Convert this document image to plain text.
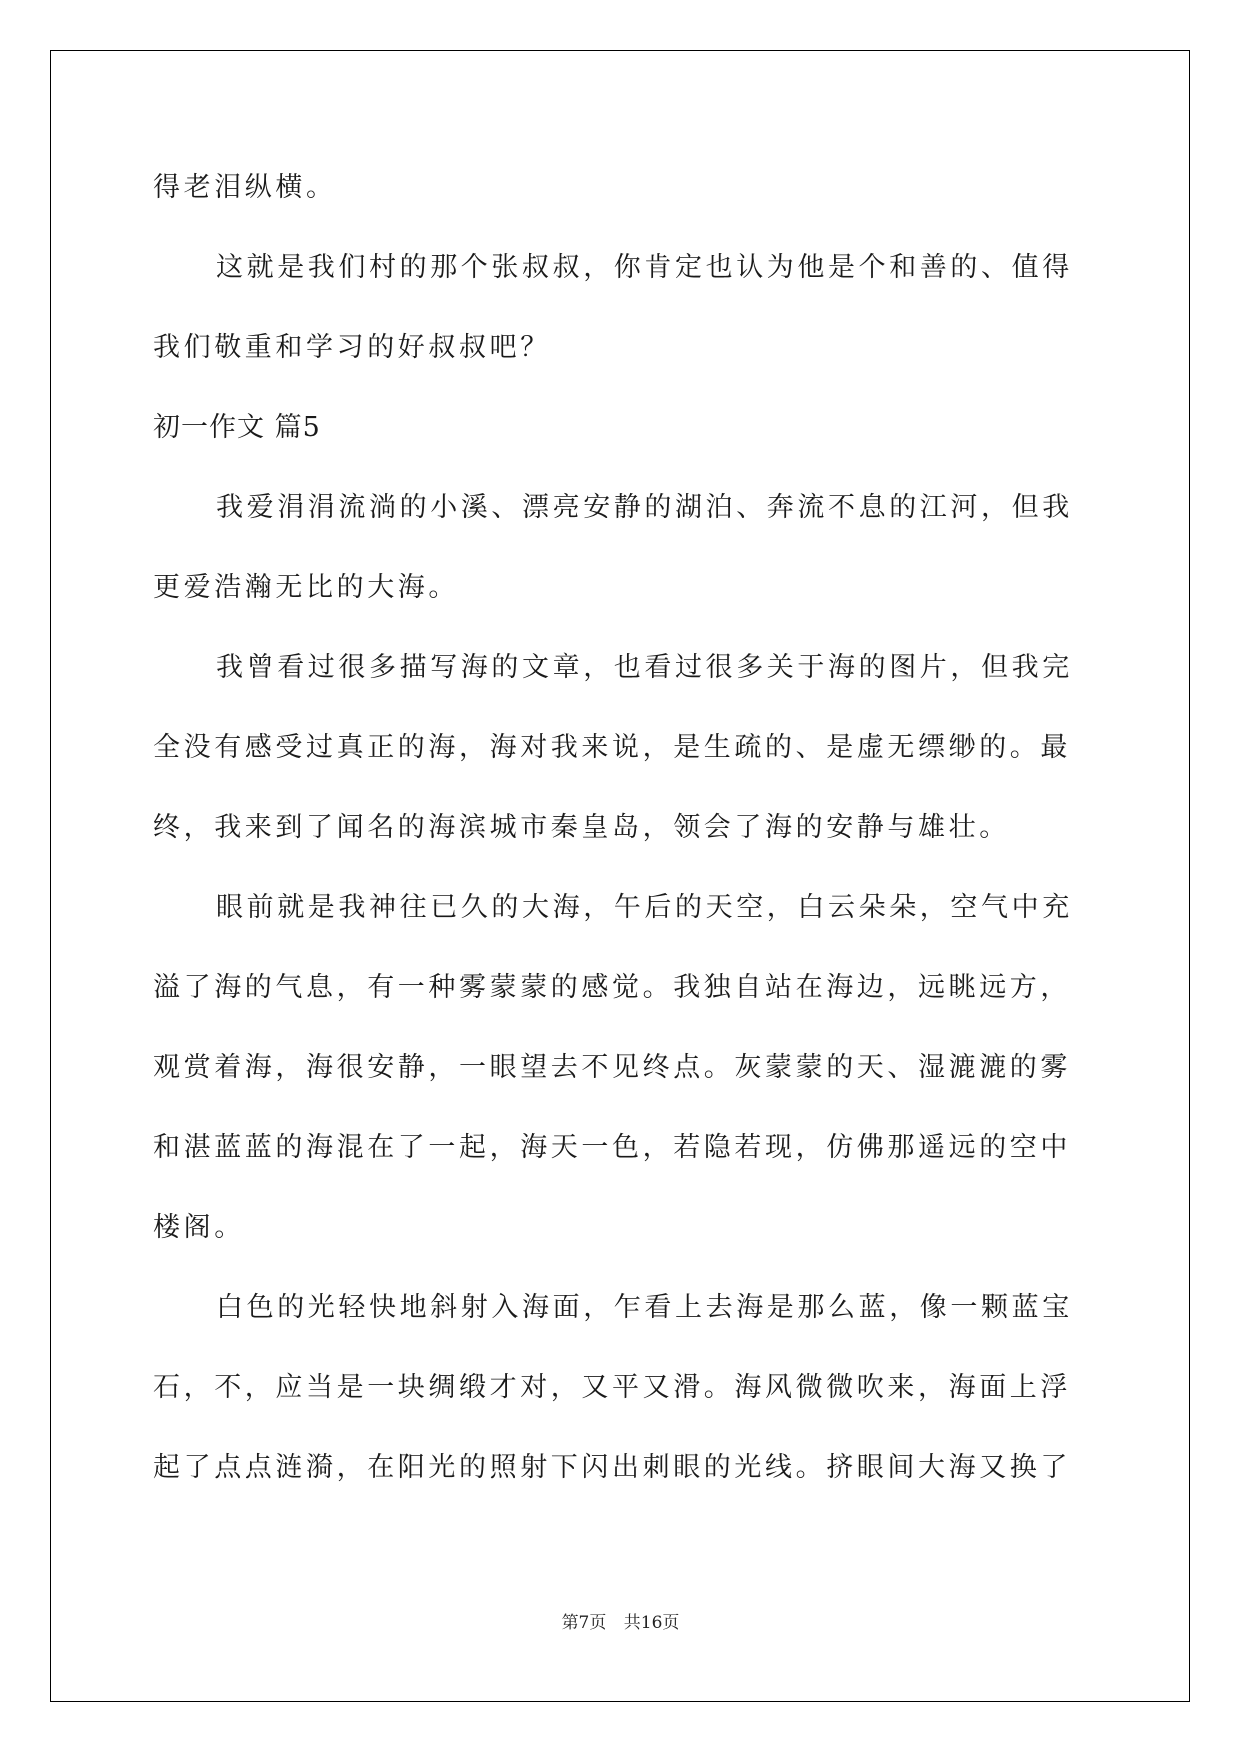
得老泪纵横。
这就是我们村的那个张叔叔，你肯定也认为他是个和善的、值得
我们敬重和学习的好叔叔吧？
初一作文 篇5
我爱涓涓流淌的小溪、漂亮安静的湖泊、奔流不息的江河，但我
更爱浩瀚无比的大海。
我曾看过很多描写海的文章，也看过很多关于海的图片，但我完
全没有感受过真正的海，海对我来说，是生疏的、是虚无缥缈的。最
终，我来到了闻名的海滨城市秦皇岛，领会了海的安静与雄壮。
眼前就是我神往已久的大海，午后的天空，白云朵朵，空气中充
溢了海的气息，有一种雾蒙蒙的感觉。我独自站在海边，远眺远方，
观赏着海，海很安静，一眼望去不见终点。灰蒙蒙的天、湿漉漉的雾
和湛蓝蓝的海混在了一起，海天一色，若隐若现，仿佛那遥远的空中
楼阁。
白色的光轻快地斜射入海面，乍看上去海是那么蓝，像一颗蓝宝
石，不，应当是一块绸缎才对，又平又滑。海风微微吹来，海面上浮
起了点点涟漪，在阳光的照射下闪出刺眼的光线。挤眼间大海又换了
第7页 共16页
